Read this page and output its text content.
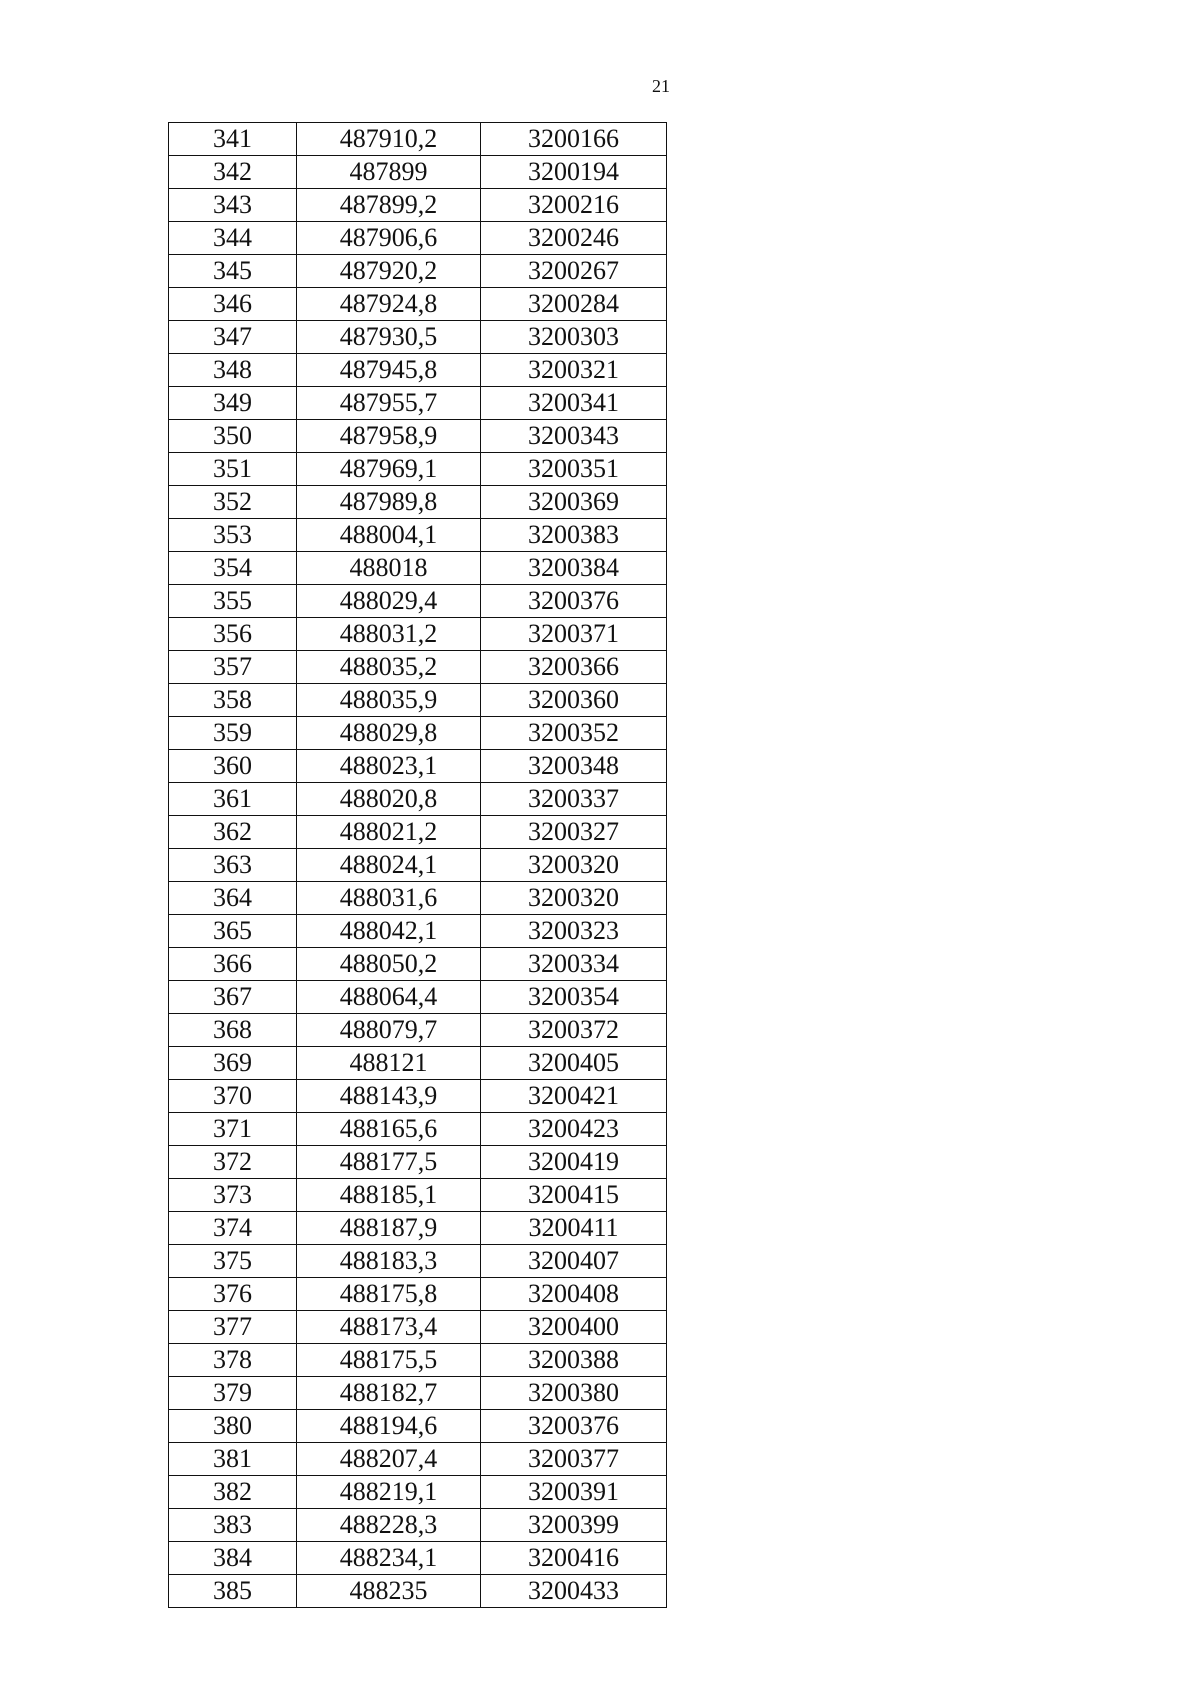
21
341	487910,2	3200166
342	487899	3200194
343	487899,2	3200216
344	487906,6	3200246
345	487920,2	3200267
346	487924,8	3200284
347	487930,5	3200303
348	487945,8	3200321
349	487955,7	3200341
350	487958,9	3200343
351	487969,1	3200351
352	487989,8	3200369
353	488004,1	3200383
354	488018	3200384
355	488029,4	3200376
356	488031,2	3200371
357	488035,2	3200366
358	488035,9	3200360
359	488029,8	3200352
360	488023,1	3200348
361	488020,8	3200337
362	488021,2	3200327
363	488024,1	3200320
364	488031,6	3200320
365	488042,1	3200323
366	488050,2	3200334
367	488064,4	3200354
368	488079,7	3200372
369	488121	3200405
370	488143,9	3200421
371	488165,6	3200423
372	488177,5	3200419
373	488185,1	3200415
374	488187,9	3200411
375	488183,3	3200407
376	488175,8	3200408
377	488173,4	3200400
378	488175,5	3200388
379	488182,7	3200380
380	488194,6	3200376
381	488207,4	3200377
382	488219,1	3200391
383	488228,3	3200399
384	488234,1	3200416
385	488235	3200433
